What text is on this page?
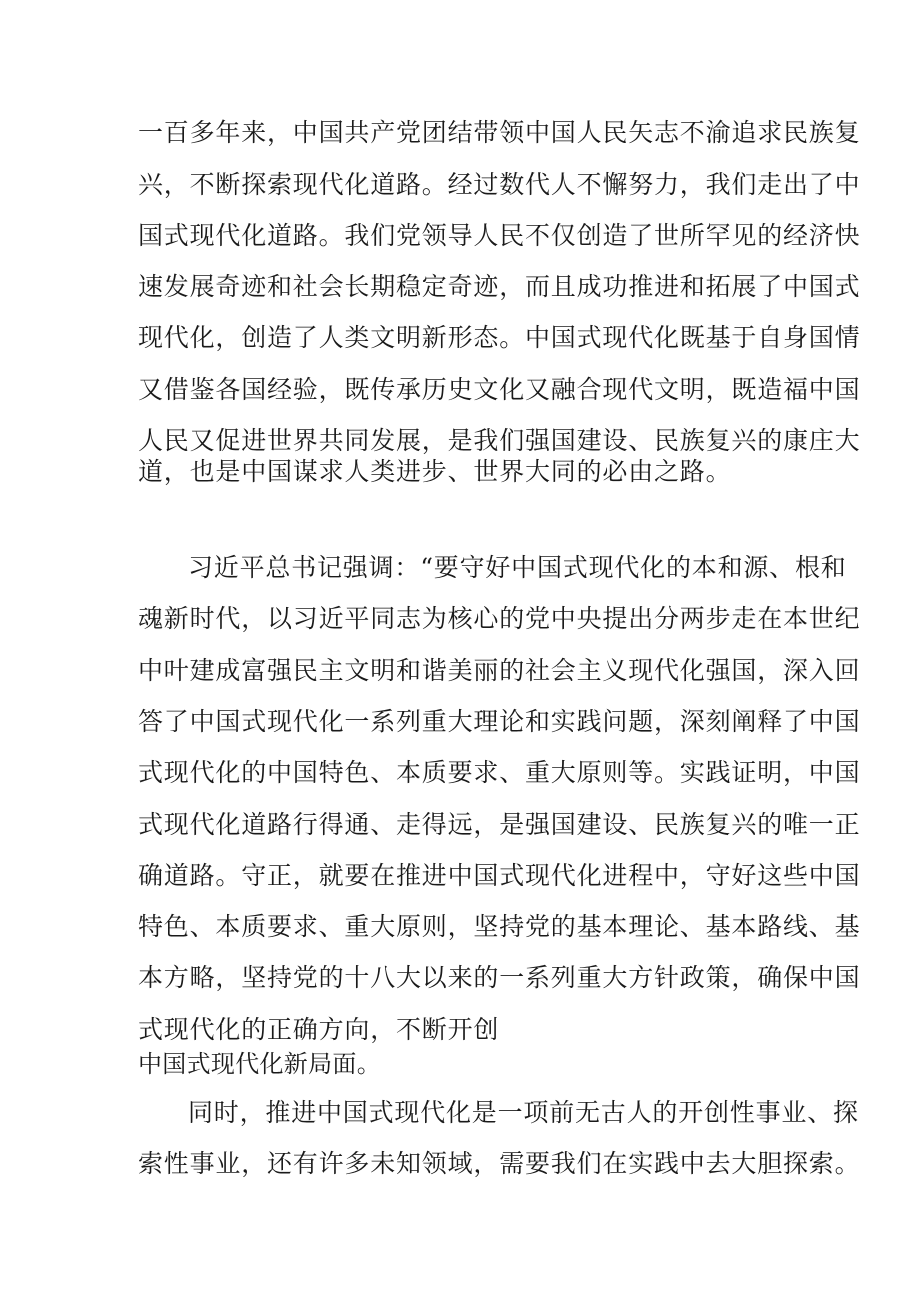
一百多年来，中国共产党团结带领中国人民矢志不渝追求民族复

兴，不断探索现代化道路。经过数代人不懈努力，我们走出了中

国式现代化道路。我们党领导人民不仅创造了世所罕见的经济快

速发展奇迹和社会长期稳定奇迹，而且成功推进和拓展了中国式

现代化，创造了人类文明新形态。中国式现代化既基于自身国情

又借鉴各国经验，既传承历史文化又融合现代文明，既造福中国

人民又促进世界共同发展，是我们强国建设、民族复兴的康庄大

道，也是中国谋求人类进步、世界大同的必由之路。

习近平总书记强调：“要守好中国式现代化的本和源、根和

魂新时代，以习近平同志为核心的党中央提出分两步走在本世纪

中叶建成富强民主文明和谐美丽的社会主义现代化强国，深入回

答了中国式现代化一系列重大理论和实践问题，深刻阐释了中国

式现代化的中国特色、本质要求、重大原则等。实践证明，中国

式现代化道路行得通、走得远，是强国建设、民族复兴的唯一正

确道路。守正，就要在推进中国式现代化进程中，守好这些中国

特色、本质要求、重大原则，坚持党的基本理论、基本路线、基

本方略，坚持党的十八大以来的一系列重大方针政策，确保中国

式现代化的正确方向，不断开创

中国式现代化新局面。

同时，推进中国式现代化是一项前无古人的开创性事业、探

索性事业，还有许多未知领域，需要我们在实践中去大胆探索。
